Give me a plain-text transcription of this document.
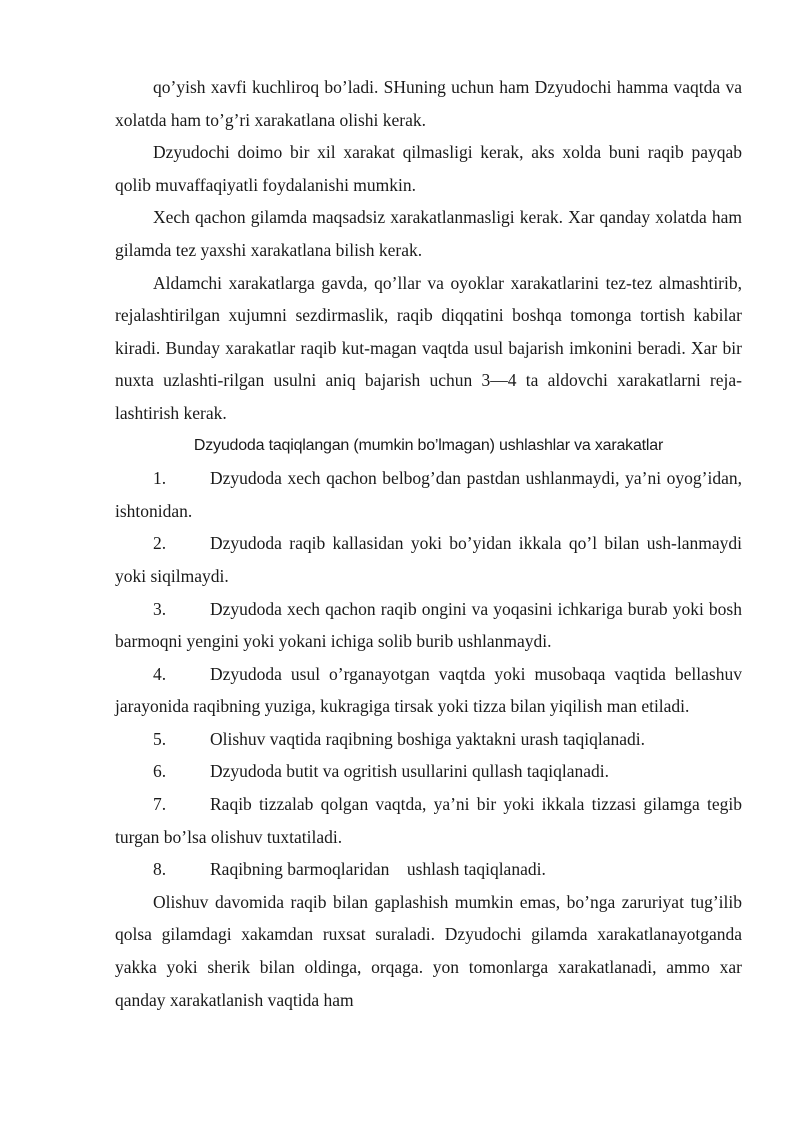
qo’yish xavfi kuchliroq bo’ladi. SHuning uchun ham Dzyudochi hamma vaqtda va xolatda ham to’g’ri xarakatlana olishi kerak.

Dzyudochi doimo bir xil xarakat qilmasligi kerak, aks xolda buni raqib payqab qolib muvaffaqiyatli foydalanishi mumkin.

Xech qachon gilamda maqsadsiz xarakatlanmasligi kerak. Xar qanday xolatda ham gilamda tez yaxshi xarakatlana bilish kerak.

Aldamchi xarakatlarga gavda, qo’llar va oyoklar xarakatlarini tez-tez almashtirib, rejalashtirilgan xujumni sezdirmaslik, raqib diqqatini boshqa tomonga tortish kabilar kiradi. Bunday xarakatlar raqib kut-magan vaqtda usul bajarish imkonini beradi. Xar bir nuxta uzlashti-rilgan usulni aniq bajarish uchun 3—4 ta aldovchi xarakatlarni reja-lashtirish kerak.

Dzyudoda taqiqlangan (mumkin bo’lmagan) ushlashlar va xarakatlar

1.	Dzyudoda xech qachon belbog’dan pastdan ushlanmaydi, ya’ni oyog’idan, ishtonidan.

2.	Dzyudoda raqib kallasidan yoki bo’yidan ikkala qo’l bilan ush-lanmaydi yoki siqilmaydi.

3.	Dzyudoda xech qachon raqib ongini va yoqasini ichkariga burab yoki bosh barmoqni yengini yoki yokani ichiga solib burib ushlanmaydi.

4.	Dzyudoda usul o’rganayotgan vaqtda yoki musobaqa vaqtida bellashuv jarayonida raqibning yuziga, kukragiga tirsak yoki tizza bilan yiqilish man etiladi.

5.	Olishuv vaqtida raqibning boshiga yaktakni urash taqiqlanadi.

6.	Dzyudoda butit va ogritish usullarini qullash taqiqlanadi.

7.	Raqib tizzalab qolgan vaqtda, ya’ni bir yoki ikkala tizzasi gilamga tegib turgan bo’lsa olishuv tuxtatiladi.

8.	Raqibning barmoqlaridan    ushlash taqiqlanadi.

Olishuv davomida raqib bilan gaplashish mumkin emas, bo’nga zaruriyat tug’ilib qolsa gilamdagi xakamdan ruxsat suraladi. Dzyudochi gilamda xarakatlanayotganda yakka yoki sherik bilan oldinga, orqaga. yon tomonlarga xarakatlanadi, ammo xar qanday xarakatlanish vaqtida ham
